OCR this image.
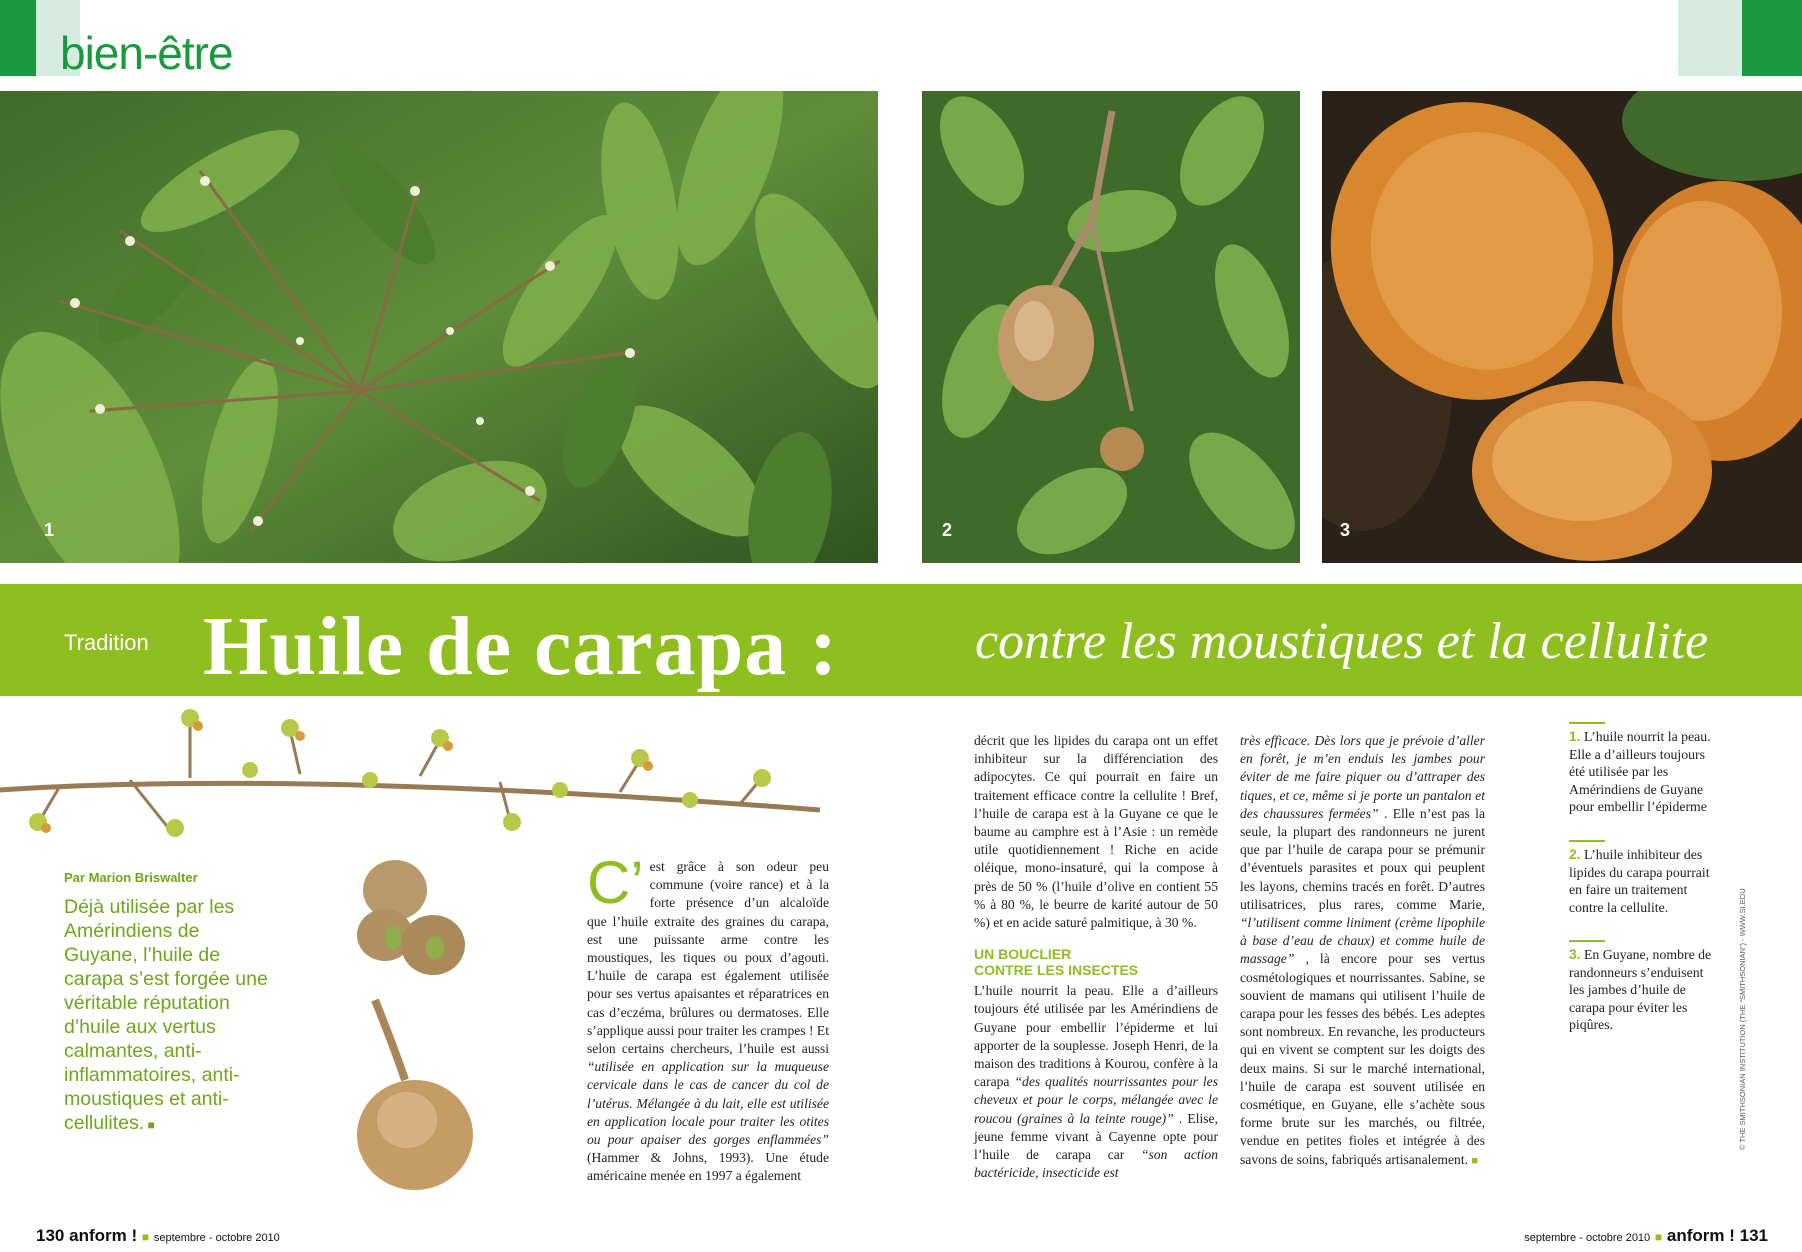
bien-être
1	2	3
Tradition Huile de carapa :	contre les moustiques et la cellulite
Par Marion Briswalter
Déjà utilisée par les Amérindiens de Guyane, l’huile de carapa s’est forgée une véritable réputation d’huile aux vertus calmantes, anti-inflammatoires, anti-moustiques et anti-cellulites. ■

C’ est grâce à son odeur peu commune (voire rance) et à la forte présence d’un alcaloïde que l’huile extraite des graines du carapa, est une puissante arme contre les moustiques, les tiques ou poux d’agouti. L’huile de carapa est également utilisée pour ses vertus apaisantes et réparatrices en cas d’eczéma, brûlures ou dermatoses. Elle s’applique aussi pour traiter les crampes ! Et selon certains chercheurs, l’huile est aussi “utilisée en application sur la muqueuse cervicale dans le cas de cancer du col de l’utérus. Mélangée à du lait, elle est utilisée en application locale pour traiter les otites ou pour apaiser des gorges enflammées” (Hammer & Johns, 1993). Une étude américaine menée en 1997 a également

décrit que les lipides du carapa ont un effet inhibiteur sur la différenciation des adipocytes. Ce qui pourrait en faire un traitement efficace contre la cellulite ! Bref, l’huile de carapa est à la Guyane ce que le baume au camphre est à l’Asie : un remède utile quotidiennement ! Riche en acide oléique, mono-insaturé, qui la compose à près de 50 % (l’huile d’olive en contient 55 % à 80 %, le beurre de karité autour de 50 %) et en acide saturé palmitique, à 30 %.

UN BOUCLIER
CONTRE LES INSECTES

L’huile nourrit la peau. Elle a d’ailleurs toujours été utilisée par les Amérindiens de Guyane pour embellir l’épiderme et lui apporter de la souplesse. Joseph Henri, de la maison des traditions à Kourou, confère à la carapa “des qualités nourrissantes pour les cheveux et pour le corps, mélangée avec le roucou (graines à la teinte rouge)” . Elise, jeune femme vivant à Cayenne opte pour l’huile de carapa car “son action bactéricide, insecticide est

très efficace. Dès lors que je prévoie d’aller en forêt, je m’en enduis les jambes pour éviter de me faire piquer ou d’attraper des tiques, et ce, même si je porte un pantalon et des chaussures fermées” . Elle n’est pas la seule, la plupart des randonneurs ne jurent que par l’huile de carapa pour se prémunir d’éventuels parasites et poux qui peuplent les layons, chemins tracés en forêt. D’autres utilisatrices, plus rares, comme Marie, “l’utilisent comme liniment (crème lipophile à base d’eau de chaux) et comme huile de massage” , là encore pour ses vertus cosmétologiques et nourrissantes. Sabine, se souvient de mamans qui utilisent l’huile de carapa pour les fesses des bébés. Les adeptes sont nombreux. En revanche, les producteurs qui en vivent se comptent sur les doigts des deux mains. Si sur le marché international, l’huile de carapa est souvent utilisée en cosmétique, en Guyane, elle s’achète sous forme brute sur les marchés, ou filtrée, vendue en petites fioles et intégrée à des savons de soins, fabriqués artisanalement. ■

1. L’huile nourrit la peau. Elle a d’ailleurs toujours été utilisée par les Amérindiens de Guyane pour embellir l’épiderme
2. L’huile inhibiteur des lipides du carapa pourrait en faire un traitement contre la cellulite.
3. En Guyane, nombre de randonneurs s’enduisent les jambes d’huile de carapa pour éviter les piqûres.	© THE SMITHSONIAN INSTITUTION (THE “SMITHSONIAN”) - WWW.SI.EDU
130 anform ! ■ septembre - octobre 2010	septembre - octobre 2010 ■ anform ! 131
